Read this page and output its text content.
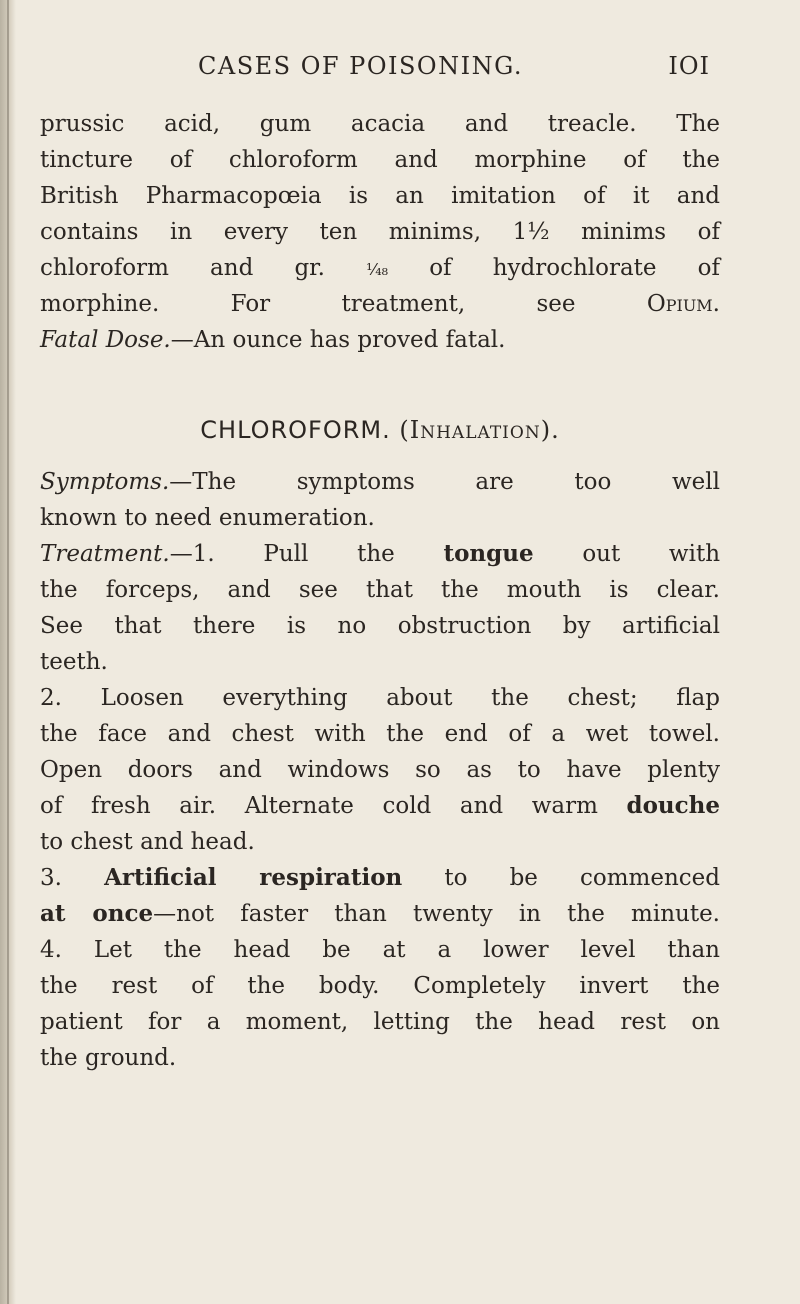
CASES OF POISONING.	IOI
prussic acid, gum acacia and treacle. The
tincture of chloroform and morphine of the
British Pharmacopœia is an imitation of it and
contains in every ten minims, 1½ minims of
chloroform and gr.	¹⁄₄₈ of hydrochlorate of
morphine. For treatment, see	Opium.
Fatal Dose.—An ounce has proved fatal.
CHLOROFORM. (Inhalation).
Symptoms.—The symptoms are too well
known to need enumeration.
Treatment.—1. Pull the tongue out with
the forceps, and see that the mouth is clear.
See that there is no obstruction by artificial
teeth.
2. Loosen everything about the chest; flap
the face and chest with the end of a wet towel.
Open doors and windows so as to have plenty
of fresh air. Alternate cold and warm douche
to chest and head.
3. Artificial respiration to be commenced
at once—not faster than twenty in the minute.
4. Let the head be at a lower level than
the rest of the body. Completely invert the
patient for a moment, letting the head rest on
the ground.
